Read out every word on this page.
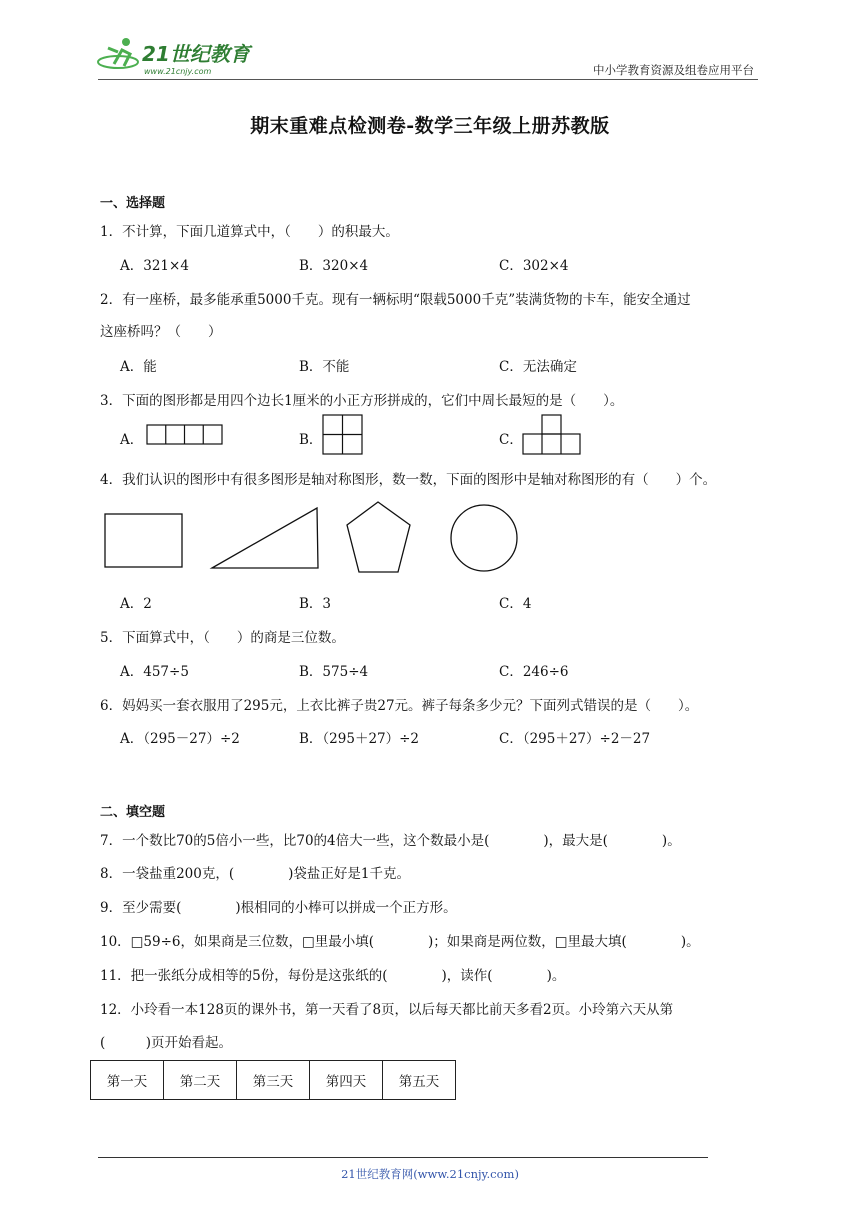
21世纪教育
www.21cnjy.com	中小学教育资源及组卷应用平台
期末重难点检测卷-数学三年级上册苏教版
一、选择题
1．不计算，下面几道算式中，（　　）的积最大。
A．321×4	B．320×4	C．302×4
2．有一座桥，最多能承重5000千克。现有一辆标明“限载5000千克”装满货物的卡车，能安全通过
这座桥吗？（　　）
A．能	B．不能	C．无法确定
3．下面的图形都是用四个边长1厘米的小正方形拼成的，它们中周长最短的是（　　）。
A．	B．	C．
4．我们认识的图形中有很多图形是轴对称图形，数一数，下面的图形中是轴对称图形的有（　　）个。
A．2	B．3	C．4
5．下面算式中，（　　）的商是三位数。
A．457÷5	B．575÷4	C．246÷6
6．妈妈买一套衣服用了295元，上衣比裤子贵27元。裤子每条多少元？下面列式错误的是（　　）。
A．（295－27）÷2	B．（295＋27）÷2	C．（295＋27）÷2－27
二、填空题
7．一个数比70的5倍小一些，比70的4倍大一些，这个数最小是(　　　　)，最大是(　　　　)。
8．一袋盐重200克，(　　　　)袋盐正好是1千克。
9．至少需要(　　　　)根相同的小棒可以拼成一个正方形。
10．□59÷6，如果商是三位数，□里最小填(　　　　)；如果商是两位数，□里最大填(　　　　)。
11．把一张纸分成相等的5份，每份是这张纸的(　　　　)，读作(　　　　)。
12．小玲看一本128页的课外书，第一天看了8页，以后每天都比前天多看2页。小玲第六天从第
(　　　)页开始看起。
第一天	第二天	第三天	第四天	第五天
21世纪教育网(www.21cnjy.com)
